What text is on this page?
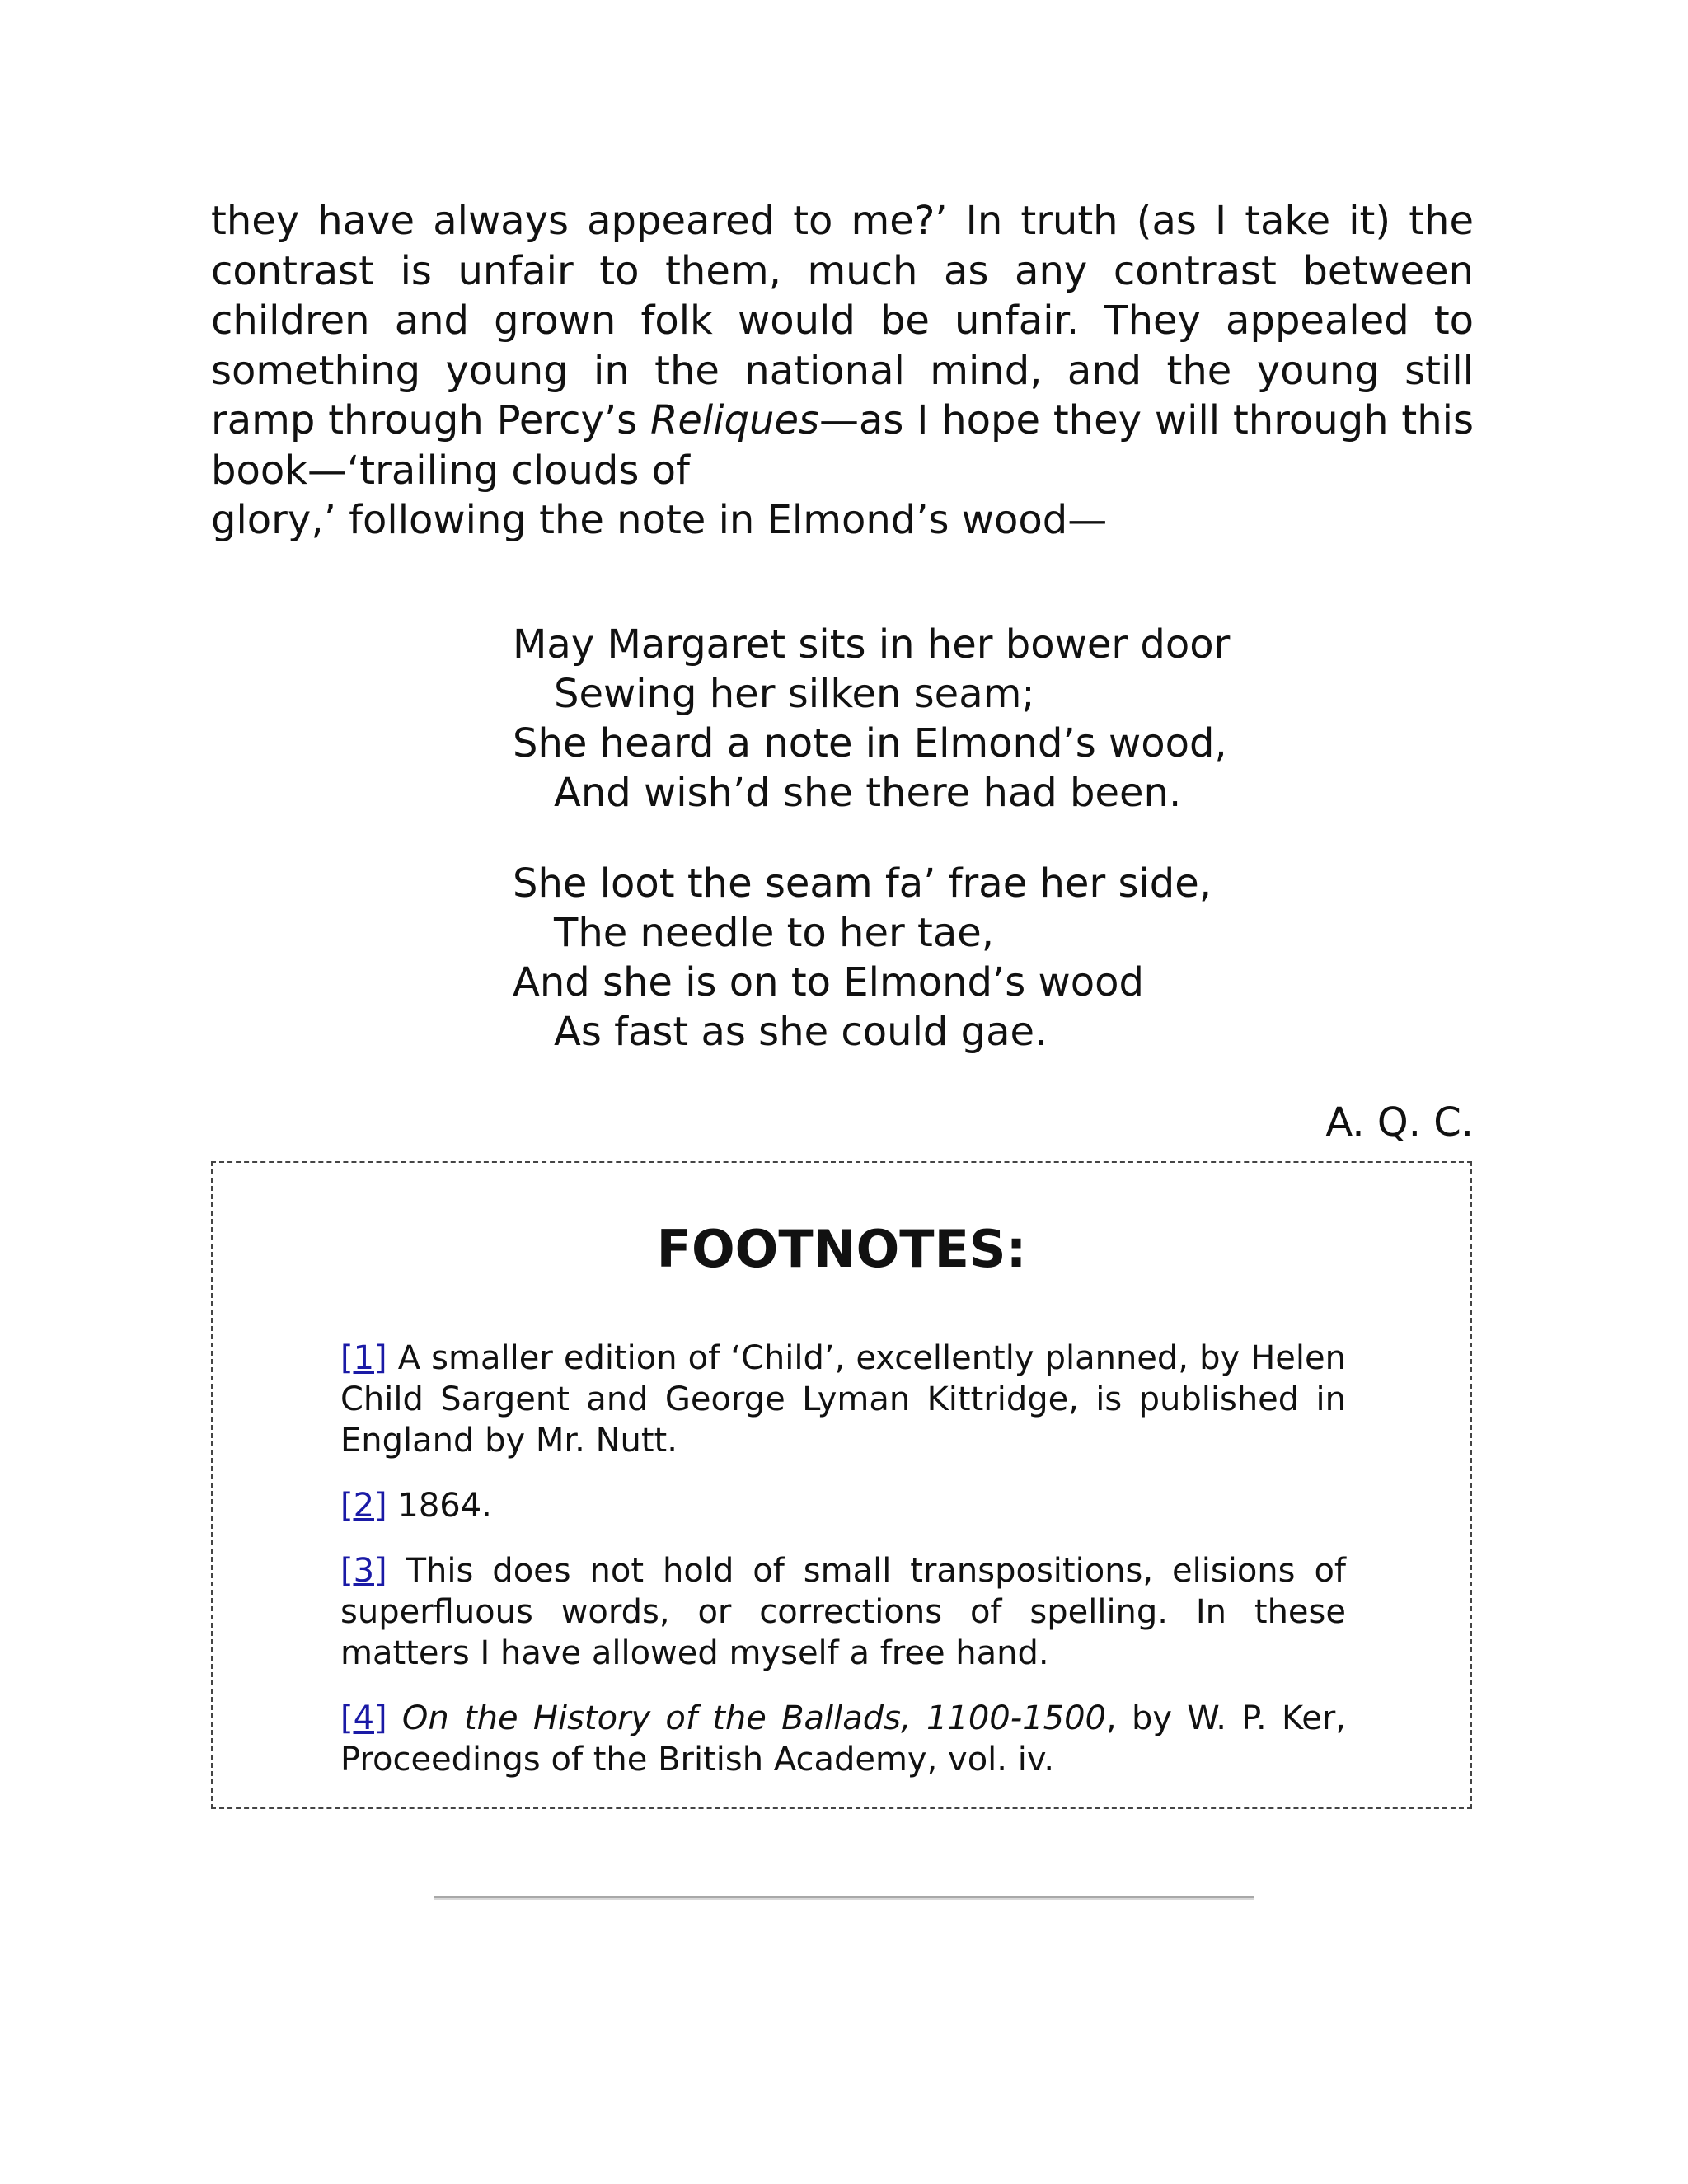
they have always appeared to me?’ In truth (as I take it) the contrast is unfair to them, much as any contrast between children and grown folk would be unfair. They appealed to something young in the national mind, and the young still ramp through Percy’s Reliques—as I hope they will through this book—‘trailing clouds of
glory,’ following the note in Elmond’s wood—

May Margaret sits in her bower door
Sewing her silken seam;
She heard a note in Elmond’s wood,
And wish’d she there had been.
She loot the seam fa’ frae her side,
The needle to her tae,
And she is on to Elmond’s wood
As fast as she could gae.
A. Q. C.
FOOTNOTES:

[1] A smaller edition of ‘Child’, excellently planned, by Helen Child Sargent and George Lyman Kittridge, is published in England by Mr. Nutt.

[2] 1864.

[3] This does not hold of small transpositions, elisions of superfluous words, or corrections of spelling. In these matters I have allowed myself a free hand.

[4] On the History of the Ballads, 1100-1500, by W. P. Ker, Proceedings of the British Academy, vol. iv.
